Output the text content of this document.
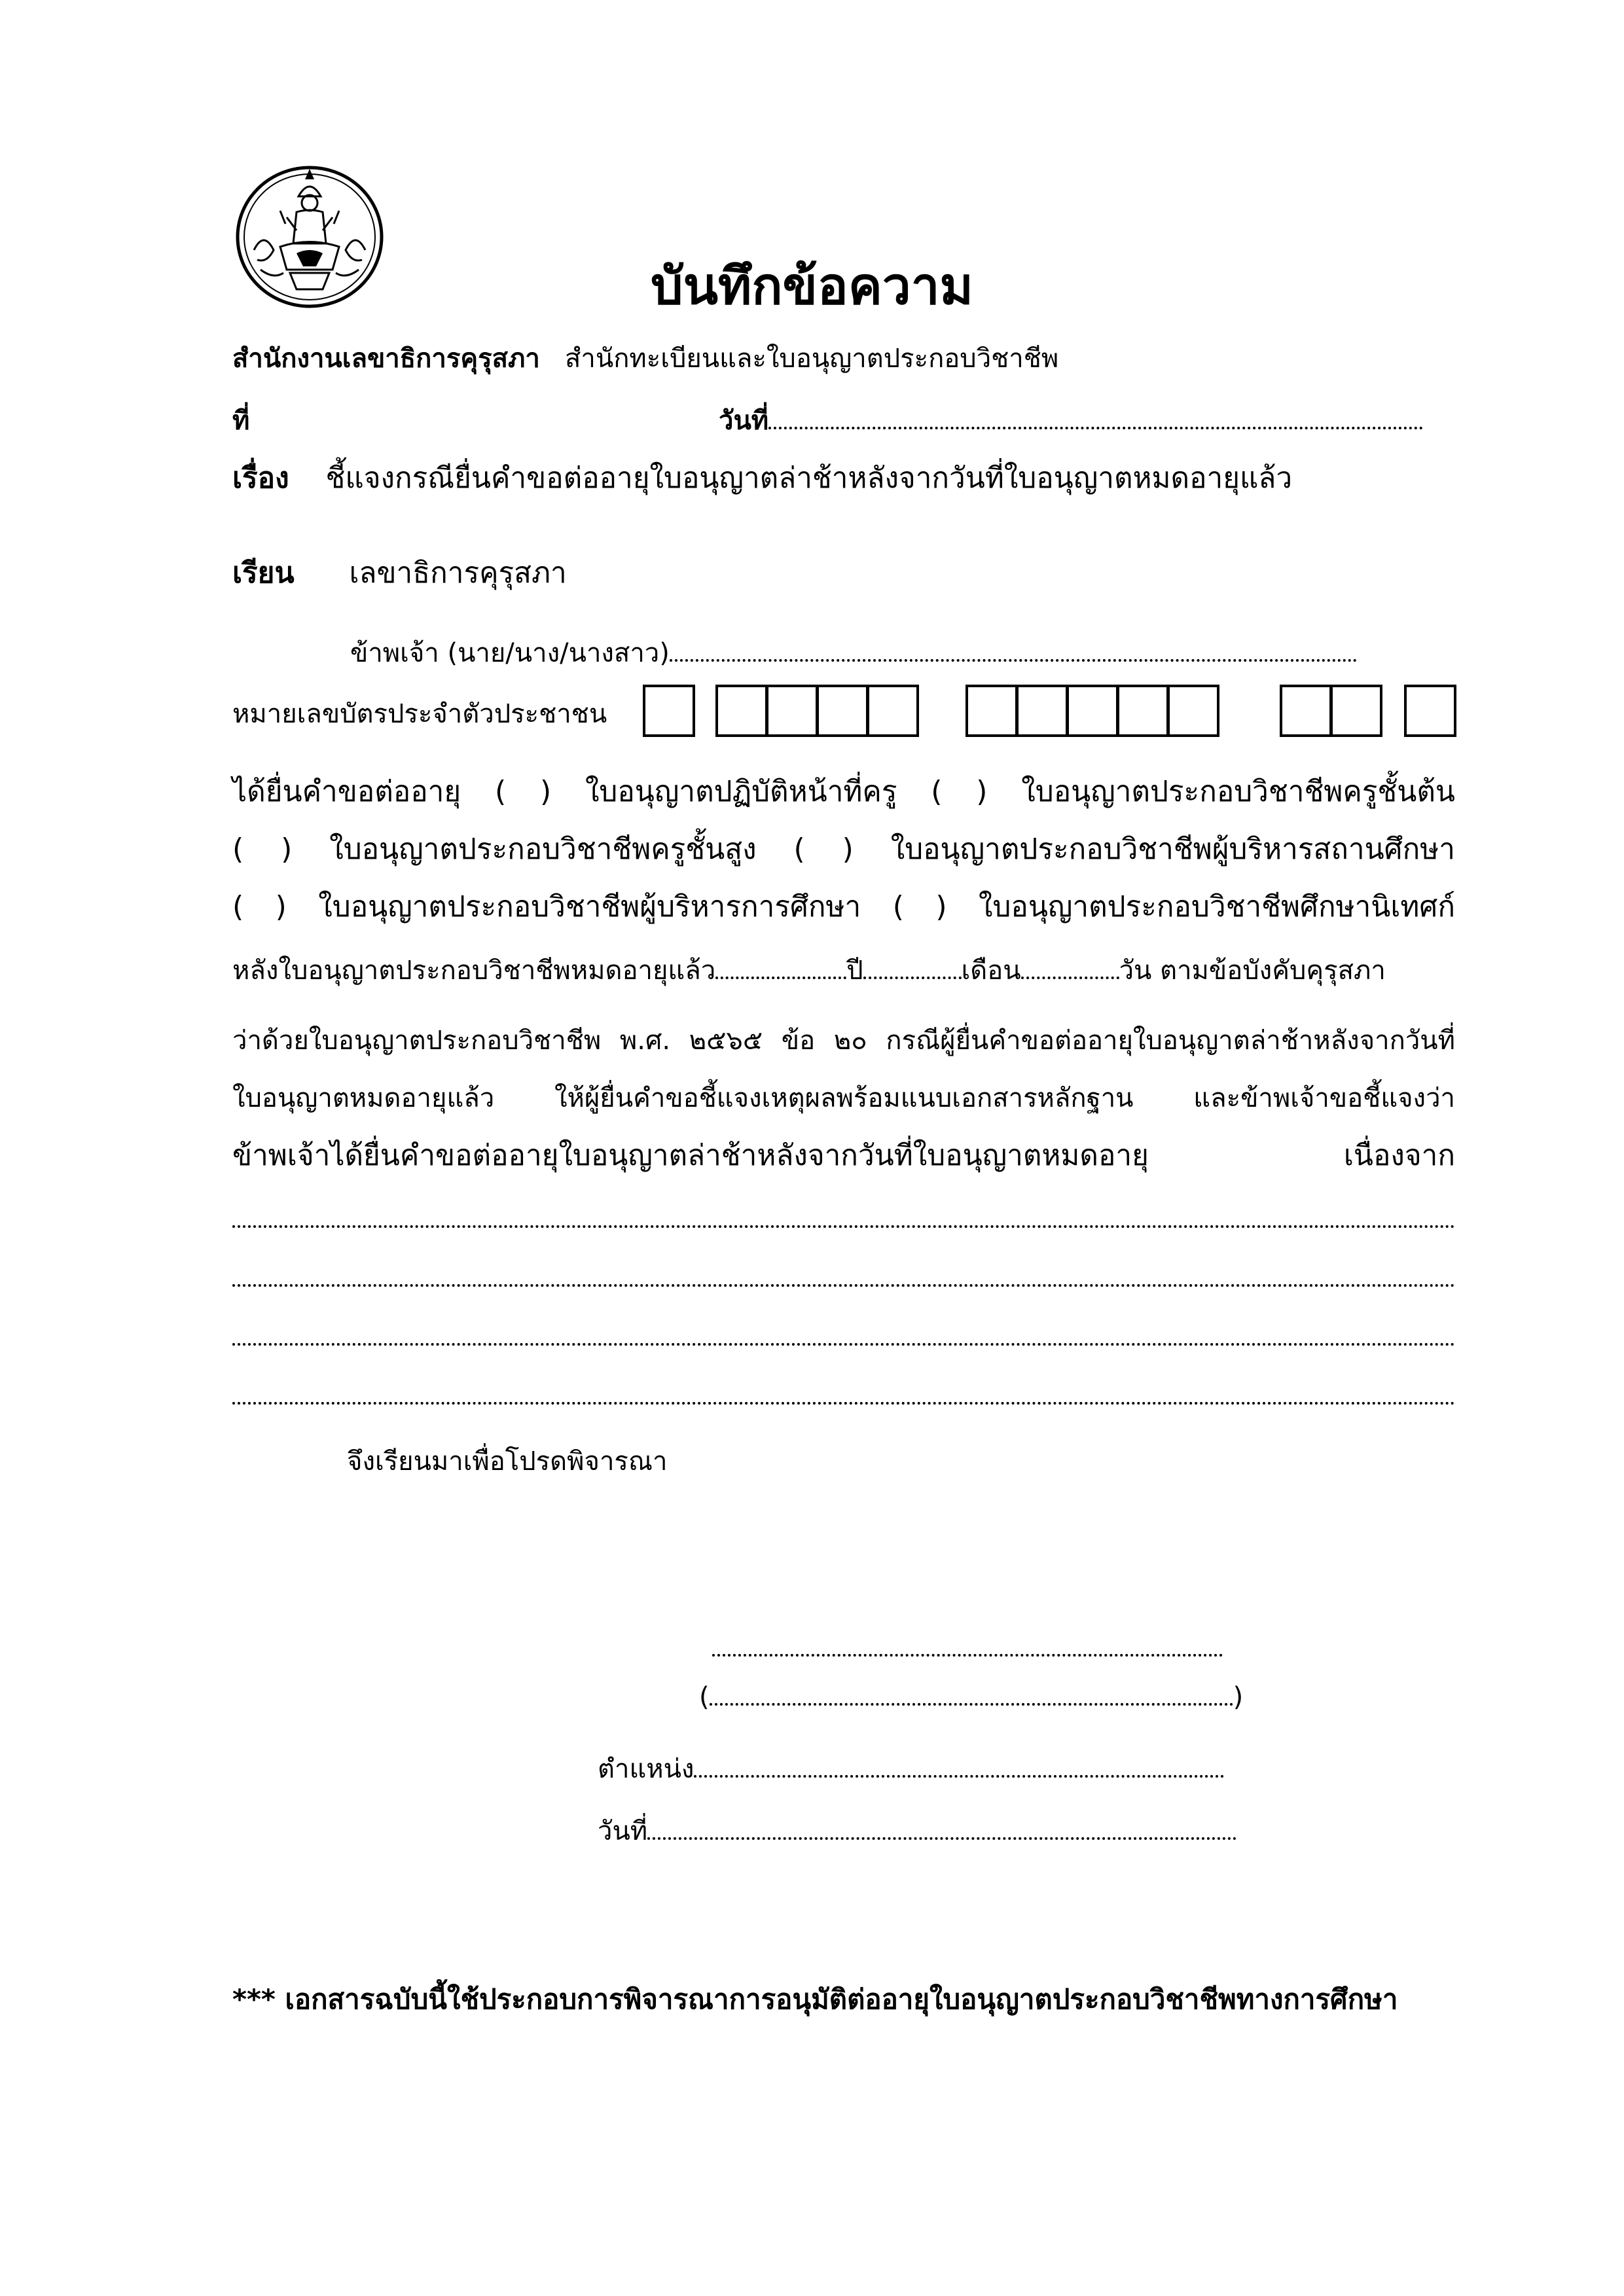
บันทึกข้อความ
สำนักงานเลขาธิการคุรุสภา สำนักทะเบียนและใบอนุญาตประกอบวิชาชีพ
ที่	วันที่
เรื่อง ชี้แจงกรณียื่นคำขอต่ออายุใบอนุญาตล่าช้าหลังจากวันที่ใบอนุญาตหมดอายุแล้ว
เรียน เลขาธิการคุรุสภา
ข้าพเจ้า (นาย/นาง/นางสาว)
หมายเลขบัตรประจำตัวประชาชน
ได้ยื่นคำขอต่ออายุ ( ) ใบอนุญาตปฏิบัติหน้าที่ครู ( ) ใบอนุญาตประกอบวิชาชีพครูชั้นต้น
( ) ใบอนุญาตประกอบวิชาชีพครูชั้นสูง ( ) ใบอนุญาตประกอบวิชาชีพผู้บริหารสถานศึกษา
( ) ใบอนุญาตประกอบวิชาชีพผู้บริหารการศึกษา ( ) ใบอนุญาตประกอบวิชาชีพศึกษานิเทศก์
หลังใบอนุญาตประกอบวิชาชีพหมดอายุแล้ว	ปี	เดือน	วัน ตามข้อบังคับคุรุสภา
ว่าด้วยใบอนุญาตประกอบวิชาชีพ พ.ศ. ๒๕๖๕ ข้อ ๒๐ กรณีผู้ยื่นคำขอต่ออายุใบอนุญาตล่าช้าหลังจากวันที่
ใบอนุญาตหมดอายุแล้ว ให้ผู้ยื่นคำขอชี้แจงเหตุผลพร้อมแนบเอกสารหลักฐาน และข้าพเจ้าขอชี้แจงว่า
ข้าพเจ้าได้ยื่นคำขอต่ออายุใบอนุญาตล่าช้าหลังจากวันที่ใบอนุญาตหมดอายุ เนื่องจาก
จึงเรียนมาเพื่อโปรดพิจารณา
(	)
ตำแหน่ง
วันที่
*** เอกสารฉบับนี้ใช้ประกอบการพิจารณาการอนุมัติต่ออายุใบอนุญาตประกอบวิชาชีพทางการศึกษา
